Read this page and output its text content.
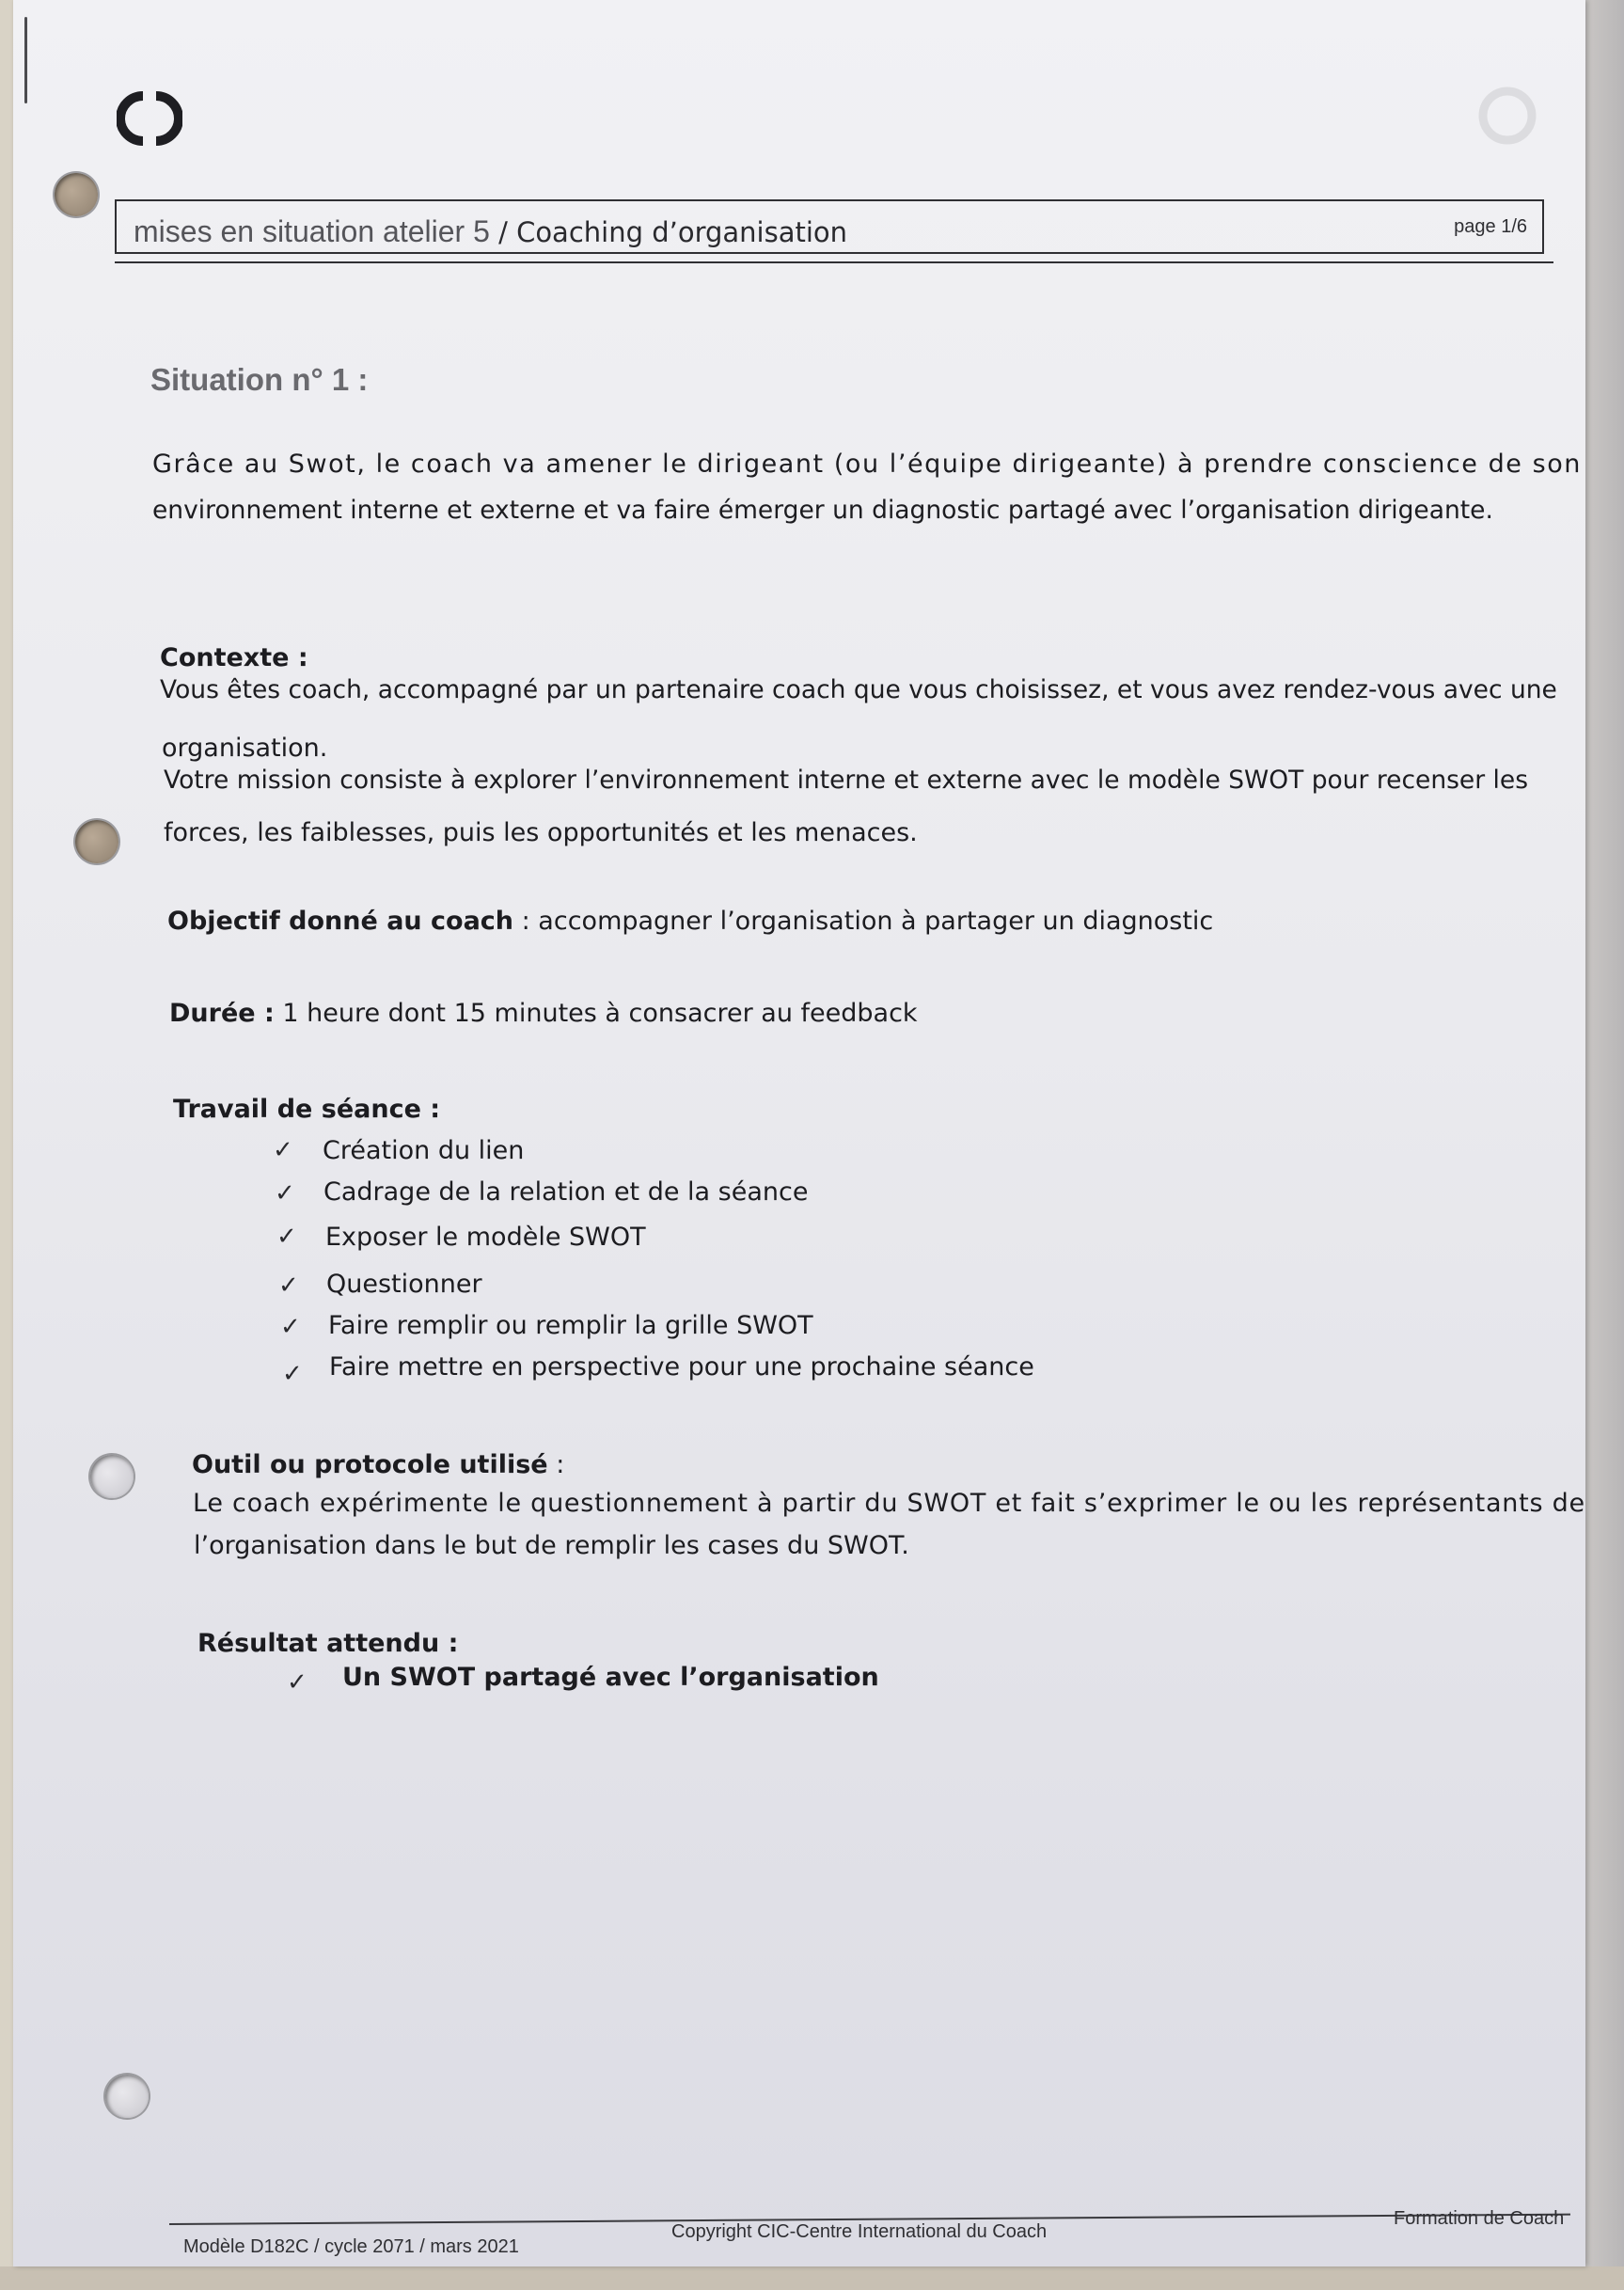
mises en situation atelier 5 / Coaching d’organisation	page 1/6
Situation n° 1 :
Grâce au Swot, le coach va amener le dirigeant (ou l’équipe dirigeante) à prendre conscience de son
environnement interne et externe et va faire émerger un diagnostic partagé avec l’organisation dirigeante.
Contexte :
Vous êtes coach, accompagné par un partenaire coach que vous choisissez, et vous avez rendez-vous avec une
organisation.
Votre mission consiste à explorer l’environnement interne et externe avec le modèle SWOT pour recenser les
forces, les faiblesses, puis les opportunités et les menaces.
Objectif donné au coach : accompagner l’organisation à partager un diagnostic
Durée : 1 heure dont 15 minutes à consacrer au feedback
Travail de séance :
✓ Création du lien
✓ Cadrage de la relation et de la séance
✓ Exposer le modèle SWOT
✓ Questionner
✓ Faire remplir ou remplir la grille SWOT
✓ Faire mettre en perspective pour une prochaine séance
Outil ou protocole utilisé :
Le coach expérimente le questionnement à partir du SWOT et fait s’exprimer le ou les représentants de
l’organisation dans le but de remplir les cases du SWOT.
Résultat attendu :
✓ Un SWOT partagé avec l’organisation
Modèle D182C / cycle 2071 / mars 2021
Copyright CIC-Centre International du Coach
Formation de Coach
